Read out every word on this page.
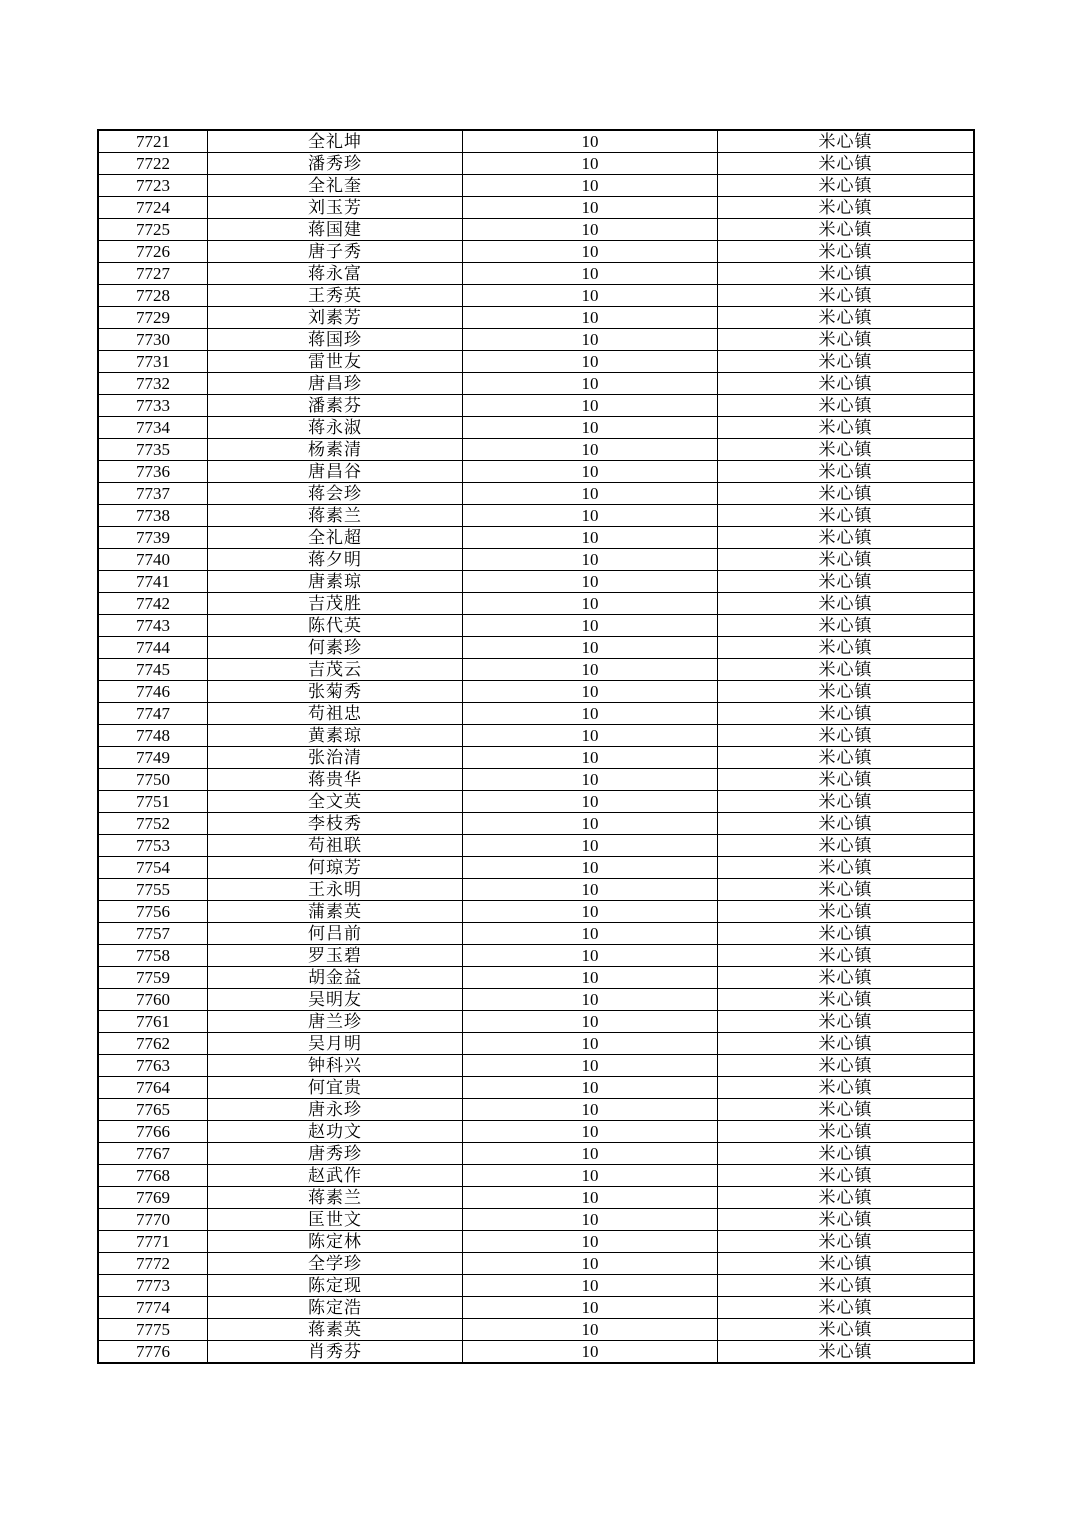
7721	全礼坤	10	米心镇
7722	潘秀珍	10	米心镇
7723	全礼奎	10	米心镇
7724	刘玉芳	10	米心镇
7725	蒋国建	10	米心镇
7726	唐子秀	10	米心镇
7727	蒋永富	10	米心镇
7728	王秀英	10	米心镇
7729	刘素芳	10	米心镇
7730	蒋国珍	10	米心镇
7731	雷世友	10	米心镇
7732	唐昌珍	10	米心镇
7733	潘素芬	10	米心镇
7734	蒋永淑	10	米心镇
7735	杨素清	10	米心镇
7736	唐昌谷	10	米心镇
7737	蒋会珍	10	米心镇
7738	蒋素兰	10	米心镇
7739	全礼超	10	米心镇
7740	蒋夕明	10	米心镇
7741	唐素琼	10	米心镇
7742	吉茂胜	10	米心镇
7743	陈代英	10	米心镇
7744	何素珍	10	米心镇
7745	吉茂云	10	米心镇
7746	张菊秀	10	米心镇
7747	苟祖忠	10	米心镇
7748	黄素琼	10	米心镇
7749	张治清	10	米心镇
7750	蒋贵华	10	米心镇
7751	全文英	10	米心镇
7752	李枝秀	10	米心镇
7753	苟祖联	10	米心镇
7754	何琼芳	10	米心镇
7755	王永明	10	米心镇
7756	蒲素英	10	米心镇
7757	何吕前	10	米心镇
7758	罗玉碧	10	米心镇
7759	胡金益	10	米心镇
7760	吴明友	10	米心镇
7761	唐兰珍	10	米心镇
7762	吴月明	10	米心镇
7763	钟科兴	10	米心镇
7764	何宜贵	10	米心镇
7765	唐永珍	10	米心镇
7766	赵功文	10	米心镇
7767	唐秀珍	10	米心镇
7768	赵武作	10	米心镇
7769	蒋素兰	10	米心镇
7770	匡世文	10	米心镇
7771	陈定林	10	米心镇
7772	全学珍	10	米心镇
7773	陈定现	10	米心镇
7774	陈定浩	10	米心镇
7775	蒋素英	10	米心镇
7776	肖秀芬	10	米心镇
